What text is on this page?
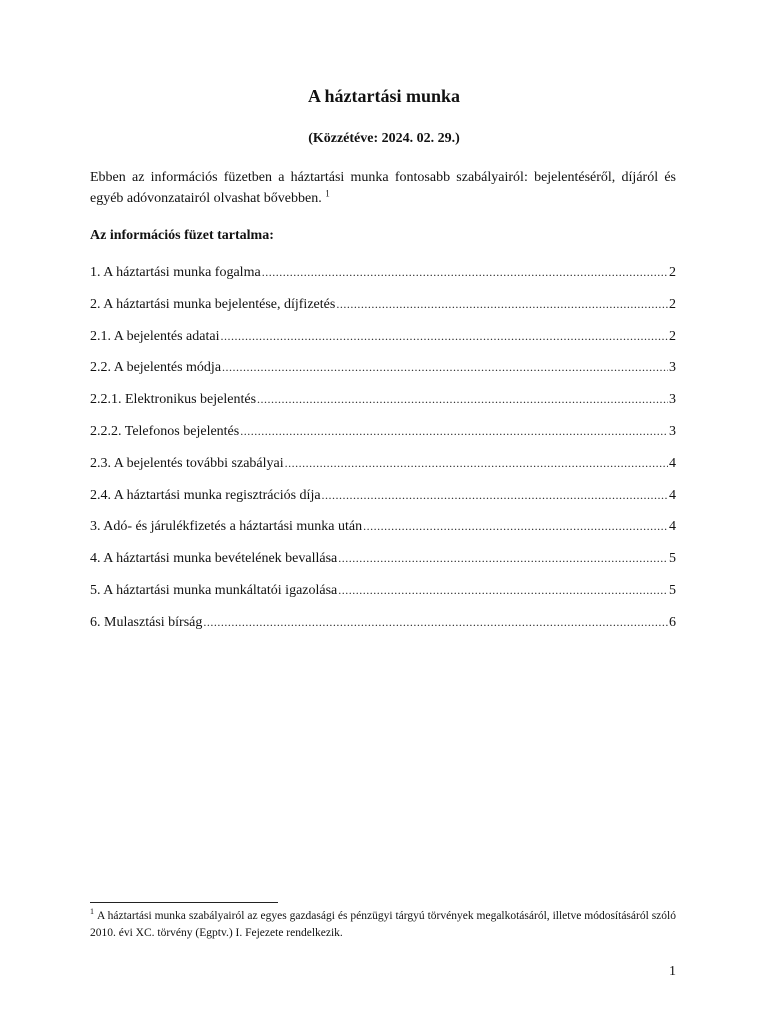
A háztartási munka
(Közzétéve: 2024. 02. 29.)
Ebben az információs füzetben a háztartási munka fontosabb szabályairól: bejelentéséről, díjáról és egyéb adóvonzatairól olvashat bővebben. $^1$
Az információs füzet tartalma:
1. A háztartási munka fogalma .....	2
2. A háztartási munka bejelentése, díjfizetés .....	2
2.1. A bejelentés adatai .....	2
2.2. A bejelentés módja .....	3
2.2.1. Elektronikus bejelentés .....	3
2.2.2. Telefonos bejelentés .....	3
2.3. A bejelentés további szabályai .....	4
2.4. A háztartási munka regisztrációs díja .....	4
3. Adó- és járulékfizetés a háztartási munka után .....	4
4. A háztartási munka bevételének bevallása .....	5
5. A háztartási munka munkáltatói igazolása .....	5
6. Mulasztási bírság .....	6
$^1$ A háztartási munka szabályairól az egyes gazdasági és pénzügyi tárgyú törvények megalkotásáról, illetve módosításáról szóló 2010. évi XC. törvény (Egptv.) I. Fejezete rendelkezik.
1
